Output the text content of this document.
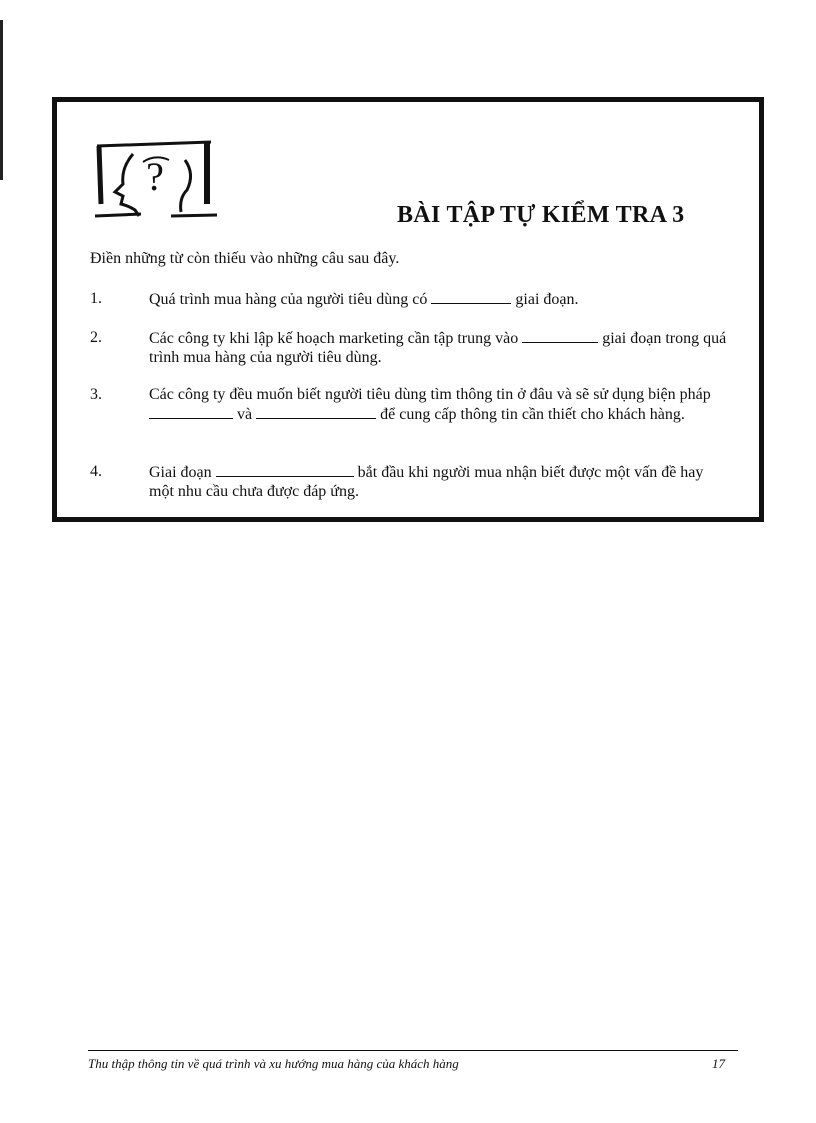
?
BÀI TẬP TỰ KIỂM TRA 3
Điền những từ còn thiếu vào những câu sau đây.
1.	Quá trình mua hàng của người tiêu dùng có	giai đoạn.
2.	Các công ty khi lập kế hoạch marketing cần tập trung vào	giai đoạn trong quá trình mua hàng của người tiêu dùng.
3.	Các công ty đều muốn biết người tiêu dùng tìm thông tin ở đâu và sẽ sử dụng biện pháp  và	để cung cấp thông tin cần thiết cho khách hàng.
4.	Giai đoạn	bắt đầu khi người mua nhận biết được một vấn đề hay một nhu cầu chưa được đáp ứng.
Thu thập thông tin về quá trình và xu hướng mua hàng của khách hàng	17
